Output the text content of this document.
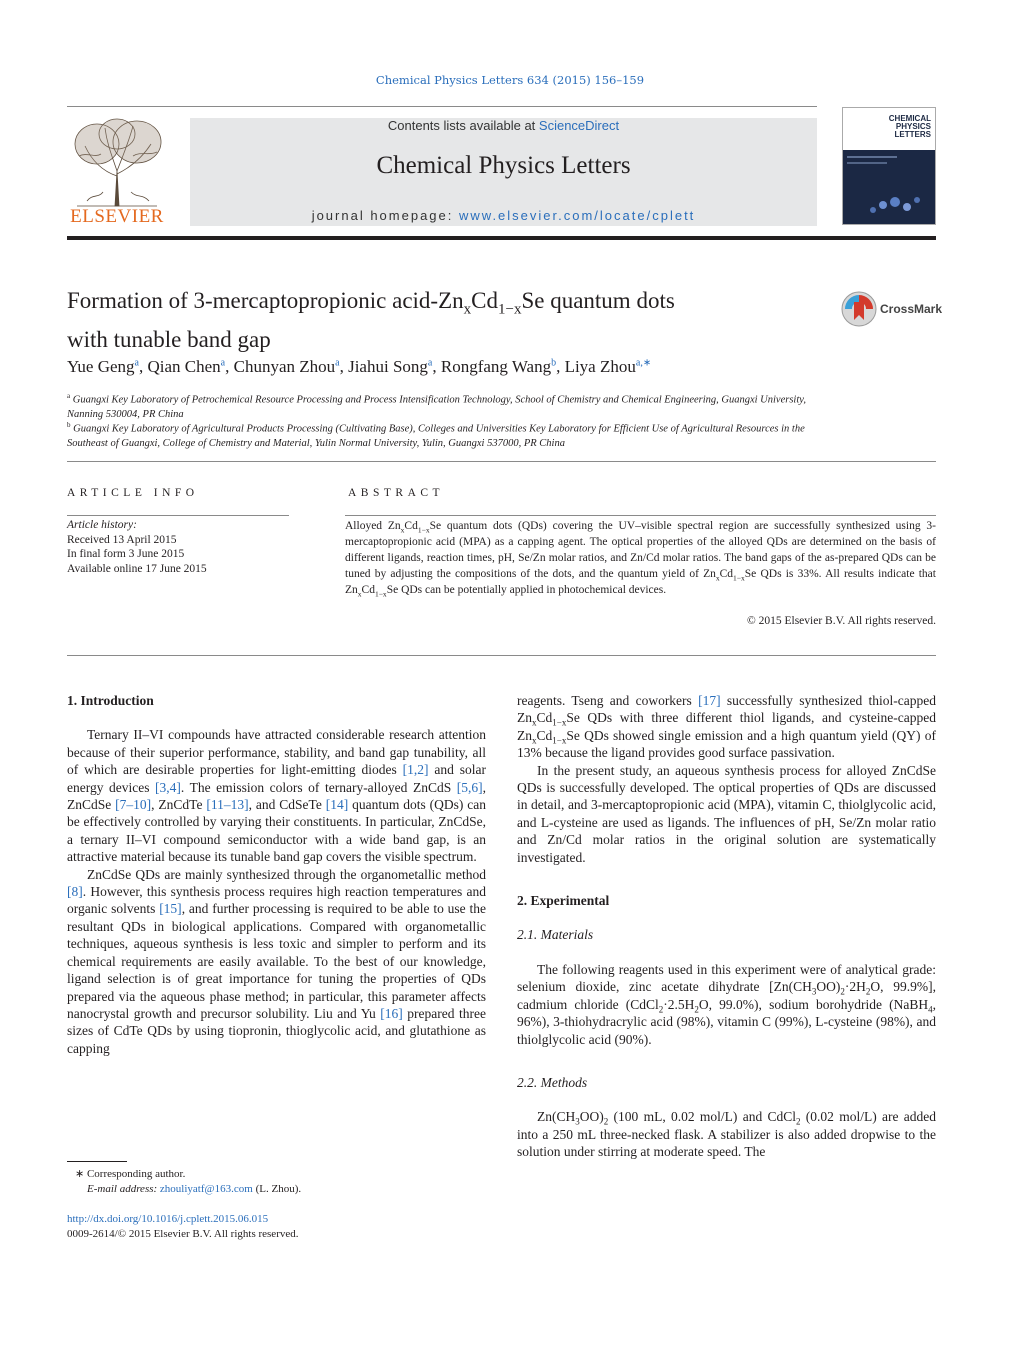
Chemical Physics Letters 634 (2015) 156–159
ELSEVIER
Contents lists available at ScienceDirect
Chemical Physics Letters
journal homepage: www.elsevier.com/locate/cplett
CHEMICAL PHYSICS LETTERS
Formation of 3-mercaptopropionic acid-$Zn_xCd_{1-x}Se$ quantum dots
with tunable band gap
CrossMark
Yue Geng$^a$, Qian Chen$^a$, Chunyan Zhou$^a$, Jiahui Song$^a$, Rongfang Wang$^b$, Liya Zhou$^{a,∗}$
$^a$ Guangxi Key Laboratory of Petrochemical Resource Processing and Process Intensification Technology, School of Chemistry and Chemical Engineering, Guangxi University, Nanning 530004, PR China
$^b$ Guangxi Key Laboratory of Agricultural Products Processing (Cultivating Base), Colleges and Universities Key Laboratory for Efficient Use of Agricultural Resources in the Southeast of Guangxi, College of Chemistry and Material, Yulin Normal University, Yulin, Guangxi 537000, PR China
ARTICLE INFO	ABSTRACT
Article history:
Received 13 April 2015
In final form 3 June 2015
Available online 17 June 2015
Alloyed $Zn_xCd_{1-x}Se$ quantum dots (QDs) covering the UV–visible spectral region are successfully synthesized using 3-mercaptopropionic acid (MPA) as a capping agent. The optical properties of the alloyed QDs are determined on the basis of different ligands, reaction times, pH, Se/Zn molar ratios, and Zn/Cd molar ratios. The band gaps of the as-prepared QDs can be tuned by adjusting the compositions of the dots, and the quantum yield of $Zn_xCd_{1-x}Se$ QDs is 33%. All results indicate that $Zn_xCd_{1-x}Se$ QDs can be potentially applied in photochemical devices.
© 2015 Elsevier B.V. All rights reserved.
1. Introduction

Ternary II–VI compounds have attracted considerable research attention because of their superior performance, stability, and band gap tunability, all of which are desirable properties for light-emitting diodes [1,2] and solar energy devices [3,4]. The emission colors of ternary-alloyed ZnCdS [5,6], ZnCdSe [7–10], ZnCdTe [11–13], and CdSeTe [14] quantum dots (QDs) can be effectively controlled by varying their constituents. In particular, ZnCdSe, a ternary II–VI compound semiconductor with a wide band gap, is an attractive material because its tunable band gap covers the visible spectrum.

ZnCdSe QDs are mainly synthesized through the organometallic method [8]. However, this synthesis process requires high reaction temperatures and organic solvents [15], and further processing is required to be able to use the resultant QDs in biological applications. Compared with organometallic techniques, aqueous synthesis is less toxic and simpler to perform and its chemical requirements are easily available. To the best of our knowledge, ligand selection is of great importance for tuning the properties of QDs prepared via the aqueous phase method; in particular, this parameter affects nanocrystal growth and precursor solubility. Liu and Yu [16] prepared three sizes of CdTe QDs by using tiopronin, thioglycolic acid, and glutathione as capping

reagents. Tseng and coworkers [17] successfully synthesized thiol-capped $Zn_xCd_{1-x}Se$ QDs with three different thiol ligands, and cysteine-capped $Zn_xCd_{1-x}Se$ QDs showed single emission and a high quantum yield (QY) of 13% because the ligand provides good surface passivation.

In the present study, an aqueous synthesis process for alloyed ZnCdSe QDs is successfully developed. The optical properties of QDs are discussed in detail, and 3-mercaptopropionic acid (MPA), vitamin C, thiolglycolic acid, and L-cysteine are used as ligands. The influences of pH, Se/Zn molar ratio and Zn/Cd molar ratios in the original solution are systematically investigated.

2. Experimental
2.1. Materials

The following reagents used in this experiment were of analytical grade: selenium dioxide, zinc acetate dihydrate [$Zn(CH_3OO)_2\cdot 2H_2O$, 99.9%], cadmium chloride ($CdCl_2\cdot 2.5H_2O$, 99.0%), sodium borohydride (NaBH$_4$, 96%), 3-thiohydracrylic acid (98%), vitamin C (99%), L-cysteine (98%), and thiolglycolic acid (90%).

2.2. Methods

$Zn(CH_3OO)_2$ (100 mL, 0.02 mol/L) and CdCl$_2$ (0.02 mol/L) are added into a 250 mL three-necked flask. A stabilizer is also added dropwise to the solution under stirring at moderate speed. The

∗ Corresponding author.
E-mail address: zhouliyatf@163.com (L. Zhou).
http://dx.doi.org/10.1016/j.cplett.2015.06.015
0009-2614/© 2015 Elsevier B.V. All rights reserved.
